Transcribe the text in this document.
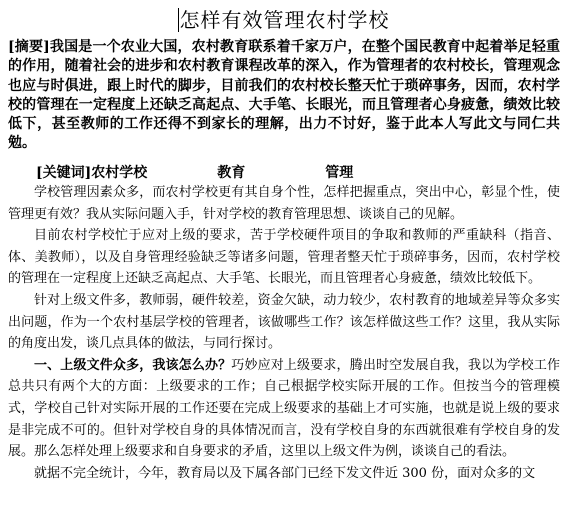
怎样有效管理农村学校
[摘要]我国是一个农业大国，农村教育联系着千家万户，在整个国民教育中起着举足轻重的作用，随着社会的进步和农村教育课程改革的深入，作为管理者的农村校长，管理观念也应与时俱进，跟上时代的脚步，目前我们的农村校长整天忙于琐碎事务，因而，农村学校的管理在一定程度上还缺乏高起点、大手笔、长眼光，而且管理者心身疲惫，绩效比较低下，甚至教师的工作还得不到家长的理解，出力不讨好，鉴于此本人写此文与同仁共勉。
[关键词]农村学校	教育	管理

学校管理因素众多，而农村学校更有其自身个性，怎样把握重点，突出中心，彰显个性，使管理更有效？我从实际问题入手，针对学校的教育管理思想、谈谈自己的见解。

目前农村学校忙于应对上级的要求，苦于学校硬件项目的争取和教师的严重缺科（指音、体、美教师），以及自身管理经验缺乏等诸多问题，管理者整天忙于琐碎事务，因而，农村学校的管理在一定程度上还缺乏高起点、大手笔、长眼光，而且管理者心身疲惫，绩效比较低下。

针对上级文件多，教师弱，硬件较差，资金欠缺，动力较少，农村教育的地域差异等众多实出问题，作为一个农村基层学校的管理者，该做哪些工作？该怎样做这些工作？这里，我从实际的角度出发，谈几点具体的做法，与同行探讨。

一、上级文件众多，我该怎么办？巧妙应对上级要求，腾出时空发展自我，我以为学校工作总共只有两个大的方面：上级要求的工作；自己根据学校实际开展的工作。但按当今的管理模式，学校自己针对实际开展的工作还要在完成上级要求的基础上才可实施，也就是说上级的要求是非完成不可的。但针对学校自身的具体情况而言，没有学校自身的东西就很难有学校自身的发展。那么怎样处理上级要求和自身要求的矛盾，这里以上级文件为例，谈谈自己的看法。

就据不完全统计，今年，教育局以及下属各部门已经下发文件近 300 份，面对众多的文
